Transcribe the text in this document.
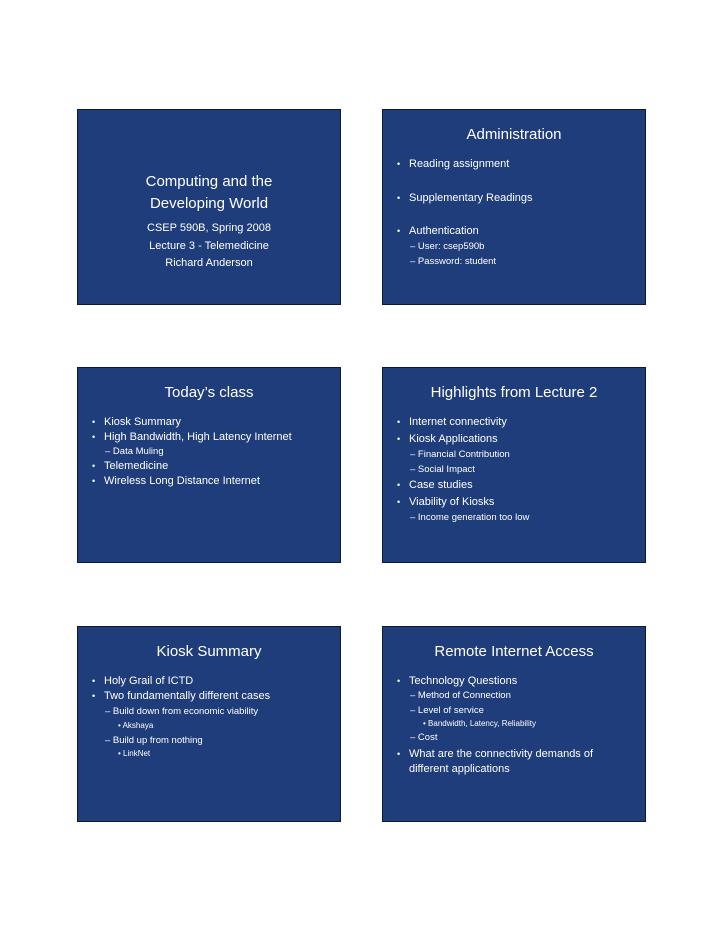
Computing and the
Developing World
CSEP 590B, Spring 2008
Lecture 3 - Telemedicine
Richard Anderson
Administration
• Reading assignment
• Supplementary Readings
• Authentication
– User: csep590b
– Password: student
Today’s class
• Kiosk Summary
• High Bandwidth, High Latency Internet
– Data Muling
• Telemedicine
• Wireless Long Distance Internet
Highlights from Lecture 2
• Internet connectivity
• Kiosk Applications
– Financial Contribution
– Social Impact
• Case studies
• Viability of Kiosks
– Income generation too low
Kiosk Summary
• Holy Grail of ICTD
• Two fundamentally different cases
– Build down from economic viability
• Akshaya
– Build up from nothing
• LinkNet
Remote Internet Access
• Technology Questions
– Method of Connection
– Level of service
• Bandwidth, Latency, Reliability
– Cost
• What are the connectivity demands of
different applications
